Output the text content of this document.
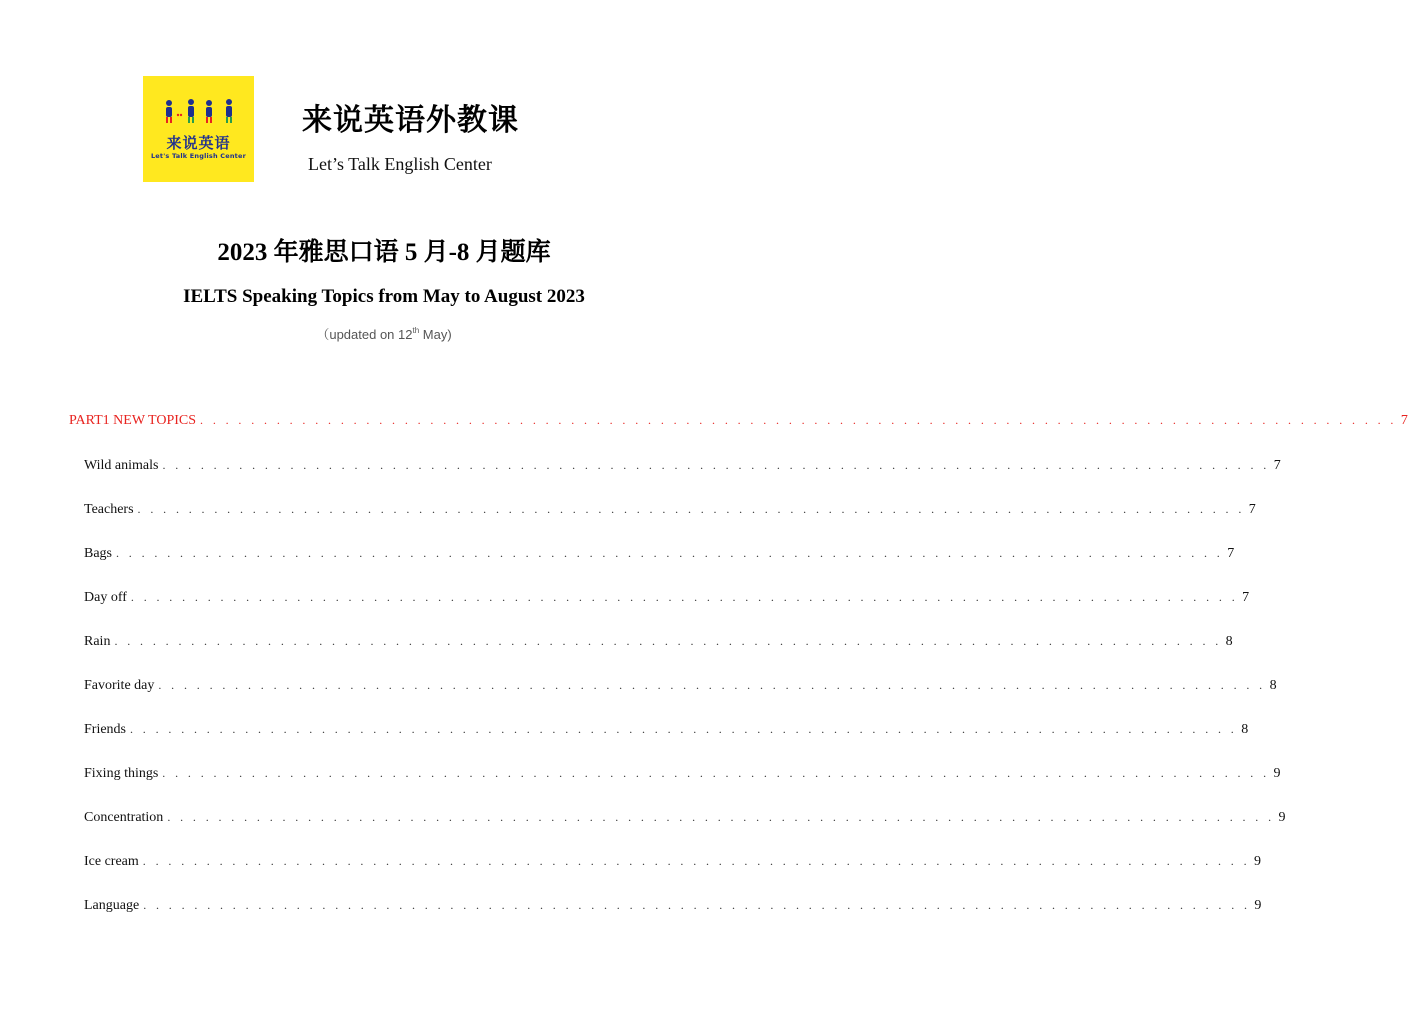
来说英语
Let's Talk English Center
来说英语外教课
Let’s Talk English Center
2023 年雅思口语 5 月-8 月题库
IELTS Speaking Topics from May to August 2023
（updated on 12th May)
PART1 NEW TOPICS . . . . . . . . . . . . . . . . . . . . . . . . . . . . . . . . . . . . . . . . . . . . . . . . . . . . . . . . . . . . . . . . . . . . . . . . . . . . . . . . . . . . . . . . . . . . . . 7
Wild animals . . . . . . . . . . . . . . . . . . . . . . . . . . . . . . . . . . . . . . . . . . . . . . . . . . . . . . . . . . . . . . . . . . . . . . . . . . . . . . . . . . . . . . . 7
Teachers . . . . . . . . . . . . . . . . . . . . . . . . . . . . . . . . . . . . . . . . . . . . . . . . . . . . . . . . . . . . . . . . . . . . . . . . . . . . . . . . . . . . . . . 7
Bags . . . . . . . . . . . . . . . . . . . . . . . . . . . . . . . . . . . . . . . . . . . . . . . . . . . . . . . . . . . . . . . . . . . . . . . . . . . . . . . . . . . . . . . 7
Day off . . . . . . . . . . . . . . . . . . . . . . . . . . . . . . . . . . . . . . . . . . . . . . . . . . . . . . . . . . . . . . . . . . . . . . . . . . . . . . . . . . . . . . . 7
Rain . . . . . . . . . . . . . . . . . . . . . . . . . . . . . . . . . . . . . . . . . . . . . . . . . . . . . . . . . . . . . . . . . . . . . . . . . . . . . . . . . . . . . . . 8
Favorite day . . . . . . . . . . . . . . . . . . . . . . . . . . . . . . . . . . . . . . . . . . . . . . . . . . . . . . . . . . . . . . . . . . . . . . . . . . . . . . . . . . . . . . . 8
Friends . . . . . . . . . . . . . . . . . . . . . . . . . . . . . . . . . . . . . . . . . . . . . . . . . . . . . . . . . . . . . . . . . . . . . . . . . . . . . . . . . . . . . . . 8
Fixing things . . . . . . . . . . . . . . . . . . . . . . . . . . . . . . . . . . . . . . . . . . . . . . . . . . . . . . . . . . . . . . . . . . . . . . . . . . . . . . . . . . . . . . . 9
Concentration . . . . . . . . . . . . . . . . . . . . . . . . . . . . . . . . . . . . . . . . . . . . . . . . . . . . . . . . . . . . . . . . . . . . . . . . . . . . . . . . . . . . . . . 9
Ice cream . . . . . . . . . . . . . . . . . . . . . . . . . . . . . . . . . . . . . . . . . . . . . . . . . . . . . . . . . . . . . . . . . . . . . . . . . . . . . . . . . . . . . . . 9
Language . . . . . . . . . . . . . . . . . . . . . . . . . . . . . . . . . . . . . . . . . . . . . . . . . . . . . . . . . . . . . . . . . . . . . . . . . . . . . . . . . . . . . . . 9
